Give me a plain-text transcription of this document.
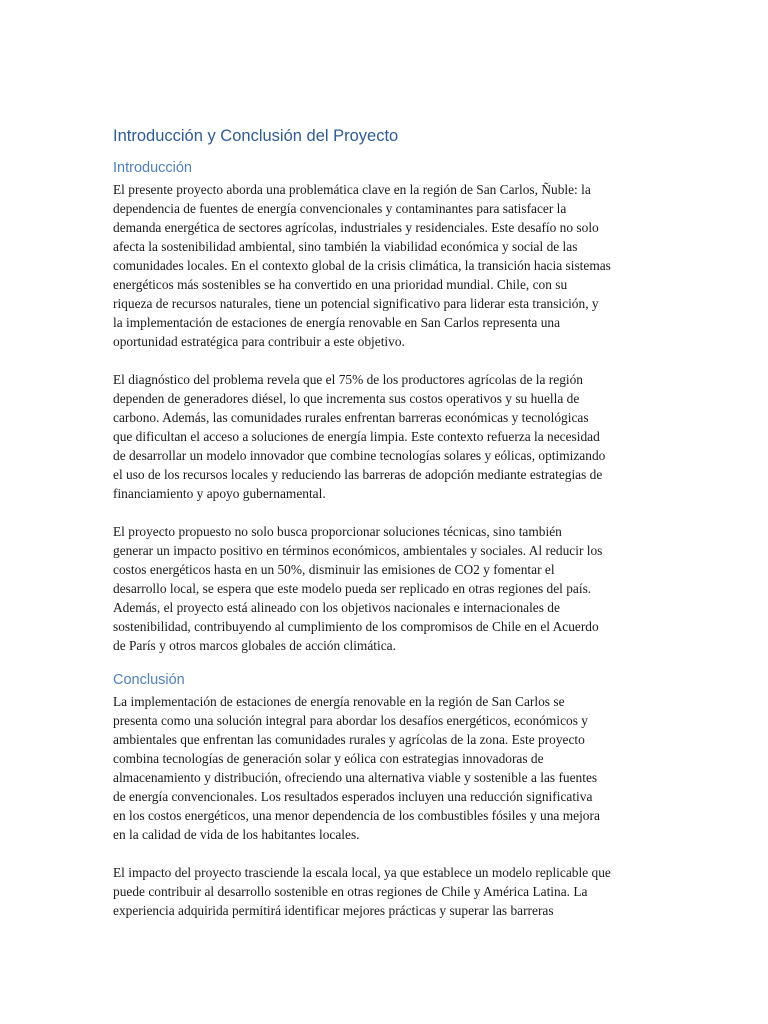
Introducción y Conclusión del Proyecto
Introducción

El presente proyecto aborda una problemática clave en la región de San Carlos, Ñuble: la
dependencia de fuentes de energía convencionales y contaminantes para satisfacer la
demanda energética de sectores agrícolas, industriales y residenciales. Este desafío no solo
afecta la sostenibilidad ambiental, sino también la viabilidad económica y social de las
comunidades locales. En el contexto global de la crisis climática, la transición hacia sistemas
energéticos más sostenibles se ha convertido en una prioridad mundial. Chile, con su
riqueza de recursos naturales, tiene un potencial significativo para liderar esta transición, y
la implementación de estaciones de energía renovable en San Carlos representa una
oportunidad estratégica para contribuir a este objetivo.

El diagnóstico del problema revela que el 75% de los productores agrícolas de la región
dependen de generadores diésel, lo que incrementa sus costos operativos y su huella de
carbono. Además, las comunidades rurales enfrentan barreras económicas y tecnológicas
que dificultan el acceso a soluciones de energía limpia. Este contexto refuerza la necesidad
de desarrollar un modelo innovador que combine tecnologías solares y eólicas, optimizando
el uso de los recursos locales y reduciendo las barreras de adopción mediante estrategias de
financiamiento y apoyo gubernamental.

El proyecto propuesto no solo busca proporcionar soluciones técnicas, sino también
generar un impacto positivo en términos económicos, ambientales y sociales. Al reducir los
costos energéticos hasta en un 50%, disminuir las emisiones de CO2 y fomentar el
desarrollo local, se espera que este modelo pueda ser replicado en otras regiones del país.
Además, el proyecto está alineado con los objetivos nacionales e internacionales de
sostenibilidad, contribuyendo al cumplimiento de los compromisos de Chile en el Acuerdo
de París y otros marcos globales de acción climática.

Conclusión

La implementación de estaciones de energía renovable en la región de San Carlos se
presenta como una solución integral para abordar los desafíos energéticos, económicos y
ambientales que enfrentan las comunidades rurales y agrícolas de la zona. Este proyecto
combina tecnologías de generación solar y eólica con estrategias innovadoras de
almacenamiento y distribución, ofreciendo una alternativa viable y sostenible a las fuentes
de energía convencionales. Los resultados esperados incluyen una reducción significativa
en los costos energéticos, una menor dependencia de los combustibles fósiles y una mejora
en la calidad de vida de los habitantes locales.

El impacto del proyecto trasciende la escala local, ya que establece un modelo replicable que
puede contribuir al desarrollo sostenible en otras regiones de Chile y América Latina. La
experiencia adquirida permitirá identificar mejores prácticas y superar las barreras
